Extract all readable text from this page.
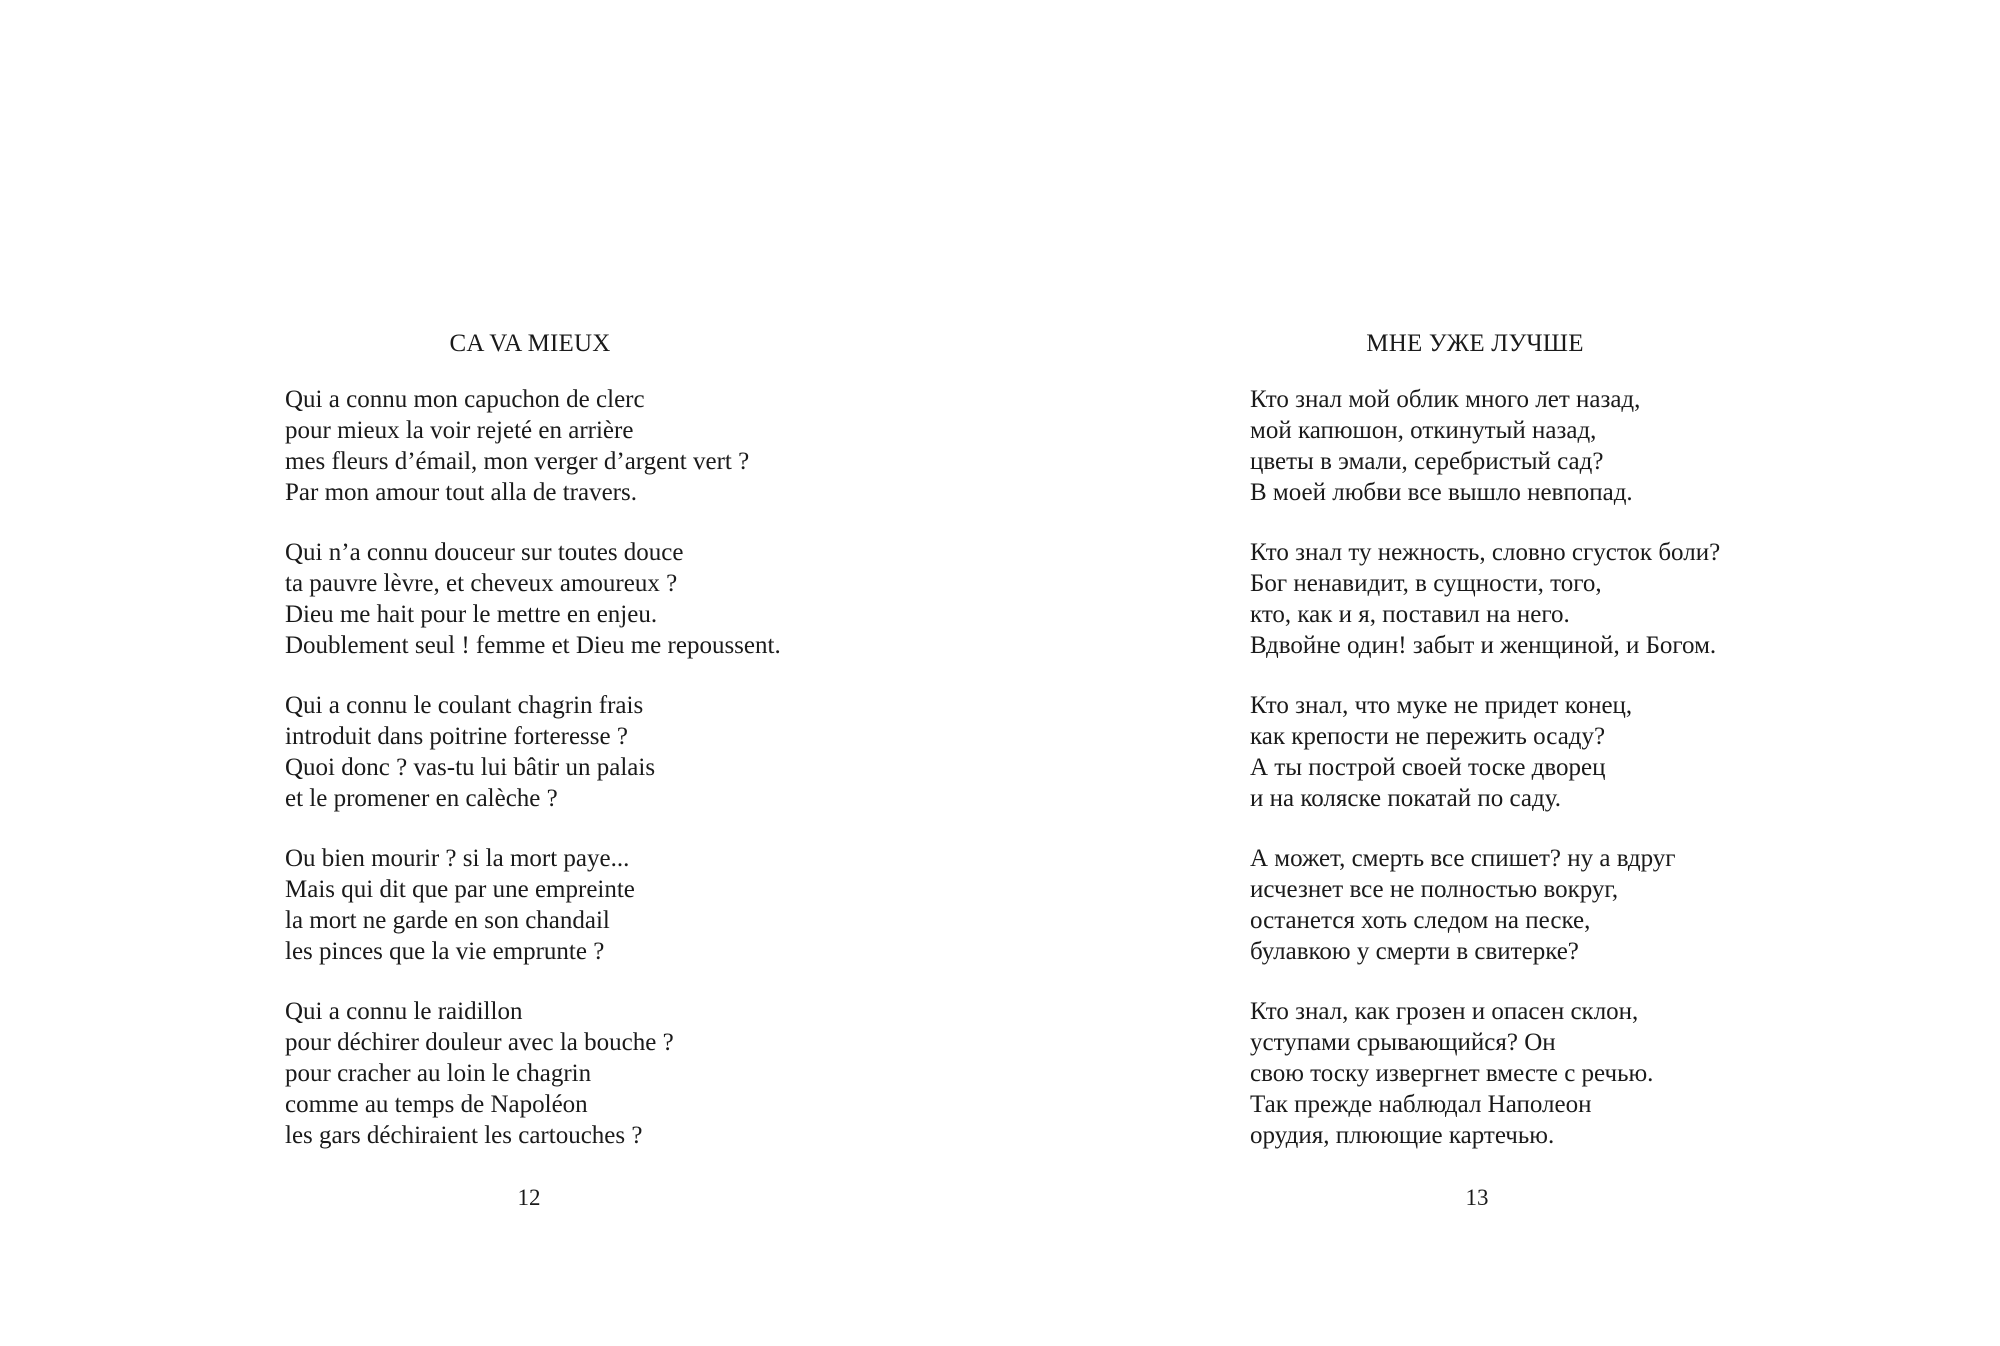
CA VA MIEUX
Qui a connu mon capuchon de clerc
pour mieux la voir rejeté en arrière
mes fleurs d’émail, mon verger d’argent vert ?
Par mon amour tout alla de travers.
Qui n’a connu douceur sur toutes douce
ta pauvre lèvre, et cheveux amoureux ?
Dieu me hait pour le mettre en enjeu.
Doublement seul ! femme et Dieu me repoussent.
Qui a connu le coulant chagrin frais
introduit dans poitrine forteresse ?
Quoi donc ? vas-tu lui bâtir un palais
et le promener en calèche ?
Ou bien mourir ? si la mort paye...
Mais qui dit que par une empreinte
la mort ne garde en son chandail
les pinces que la vie emprunte ?
Qui a connu le raidillon
pour déchirer douleur avec la bouche ?
pour cracher au loin le chagrin
comme au temps de Napoléon
les gars déchiraient les cartouches ?
12
МНЕ УЖЕ ЛУЧШЕ
Кто знал мой облик много лет назад,
мой капюшон, откинутый назад,
цветы в эмали, серебристый сад?
В моей любви все вышло невпопад.
Кто знал ту нежность, словно сгусток боли?
Бог ненавидит, в сущности, того,
кто, как и я, поставил на него.
Вдвойне один! забыт и женщиной, и Богом.
Кто знал, что муке не придет конец,
как крепости не пережить осаду?
А ты построй своей тоске дворец
и на коляске покатай по саду.
А может, смерть все спишет? ну а вдруг
исчезнет все не полностью вокруг,
останется хоть следом на песке,
булавкою у смерти в свитерке?
Кто знал, как грозен и опасен склон,
уступами срывающийся? Он
свою тоску извергнет вместе с речью.
Так прежде наблюдал Наполеон
орудия, плюющие картечью.
13
